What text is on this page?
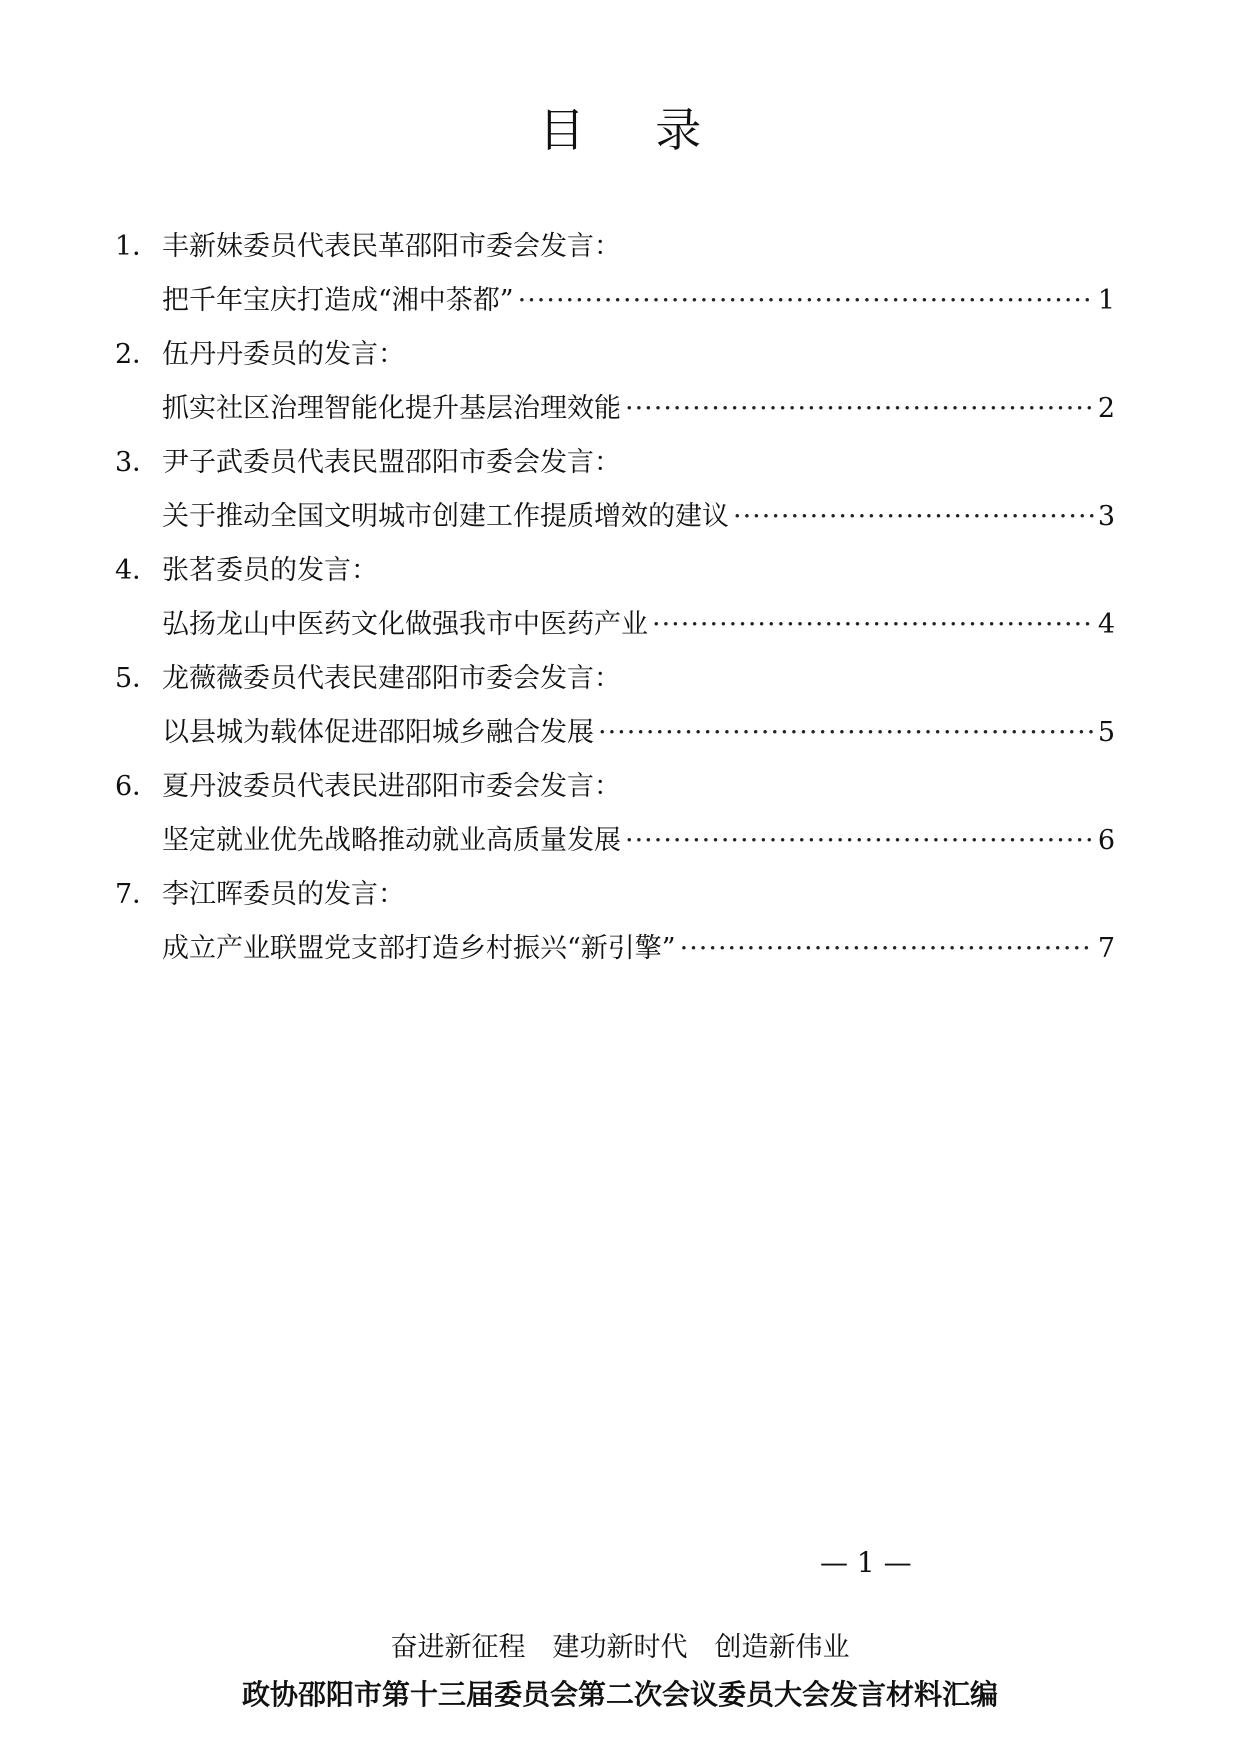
目 录
1． 丰新妹委员代表民革邵阳市委会发言：
把千年宝庆打造成“湘中茶都” ·····	1
2． 伍丹丹委员的发言：
抓实社区治理智能化提升基层治理效能 ·····	2
3． 尹子武委员代表民盟邵阳市委会发言：
关于推动全国文明城市创建工作提质增效的建议 ·····	3
4． 张茗委员的发言：
弘扬龙山中医药文化做强我市中医药产业 ·····	4
5． 龙薇薇委员代表民建邵阳市委会发言：
以县城为载体促进邵阳城乡融合发展 ·····	5
6． 夏丹波委员代表民进邵阳市委会发言：
坚定就业优先战略推动就业高质量发展 ·····	6
7． 李江晖委员的发言：
成立产业联盟党支部打造乡村振兴“新引擎” ·····	7
— 1 —
奋进新征程　建功新时代　创造新伟业
政协邵阳市第十三届委员会第二次会议委员大会发言材料汇编
